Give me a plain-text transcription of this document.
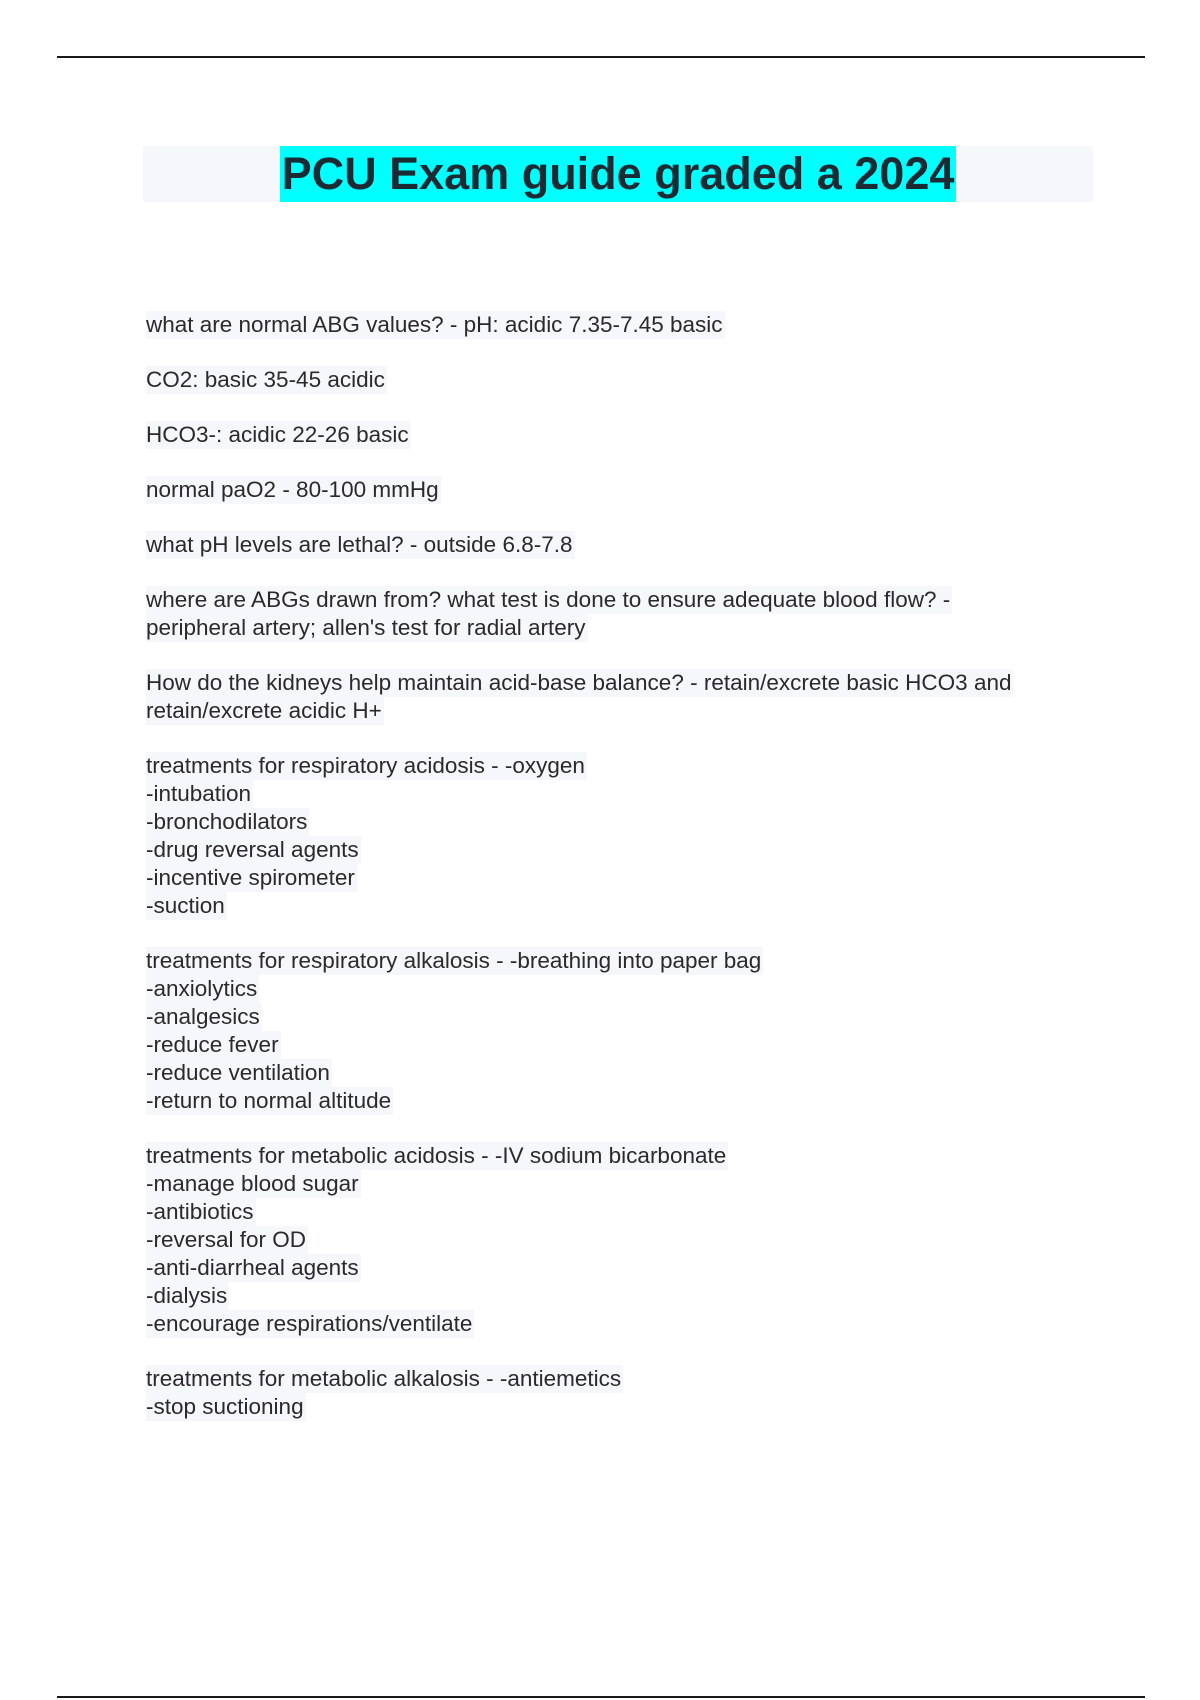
PCU Exam guide graded a 2024
what are normal ABG values? - pH: acidic 7.35-7.45 basic
CO2: basic 35-45 acidic
HCO3-: acidic 22-26 basic
normal paO2 - 80-100 mmHg
what pH levels are lethal? - outside 6.8-7.8
where are ABGs drawn from? what test is done to ensure adequate blood flow? -
peripheral artery; allen's test for radial artery
How do the kidneys help maintain acid-base balance? - retain/excrete basic HCO3 and
retain/excrete acidic H+
treatments for respiratory acidosis - -oxygen
-intubation
-bronchodilators
-drug reversal agents
-incentive spirometer
-suction
treatments for respiratory alkalosis - -breathing into paper bag
-anxiolytics
-analgesics
-reduce fever
-reduce ventilation
-return to normal altitude
treatments for metabolic acidosis - -IV sodium bicarbonate
-manage blood sugar
-antibiotics
-reversal for OD
-anti-diarrheal agents
-dialysis
-encourage respirations/ventilate
treatments for metabolic alkalosis - -antiemetics
-stop suctioning
